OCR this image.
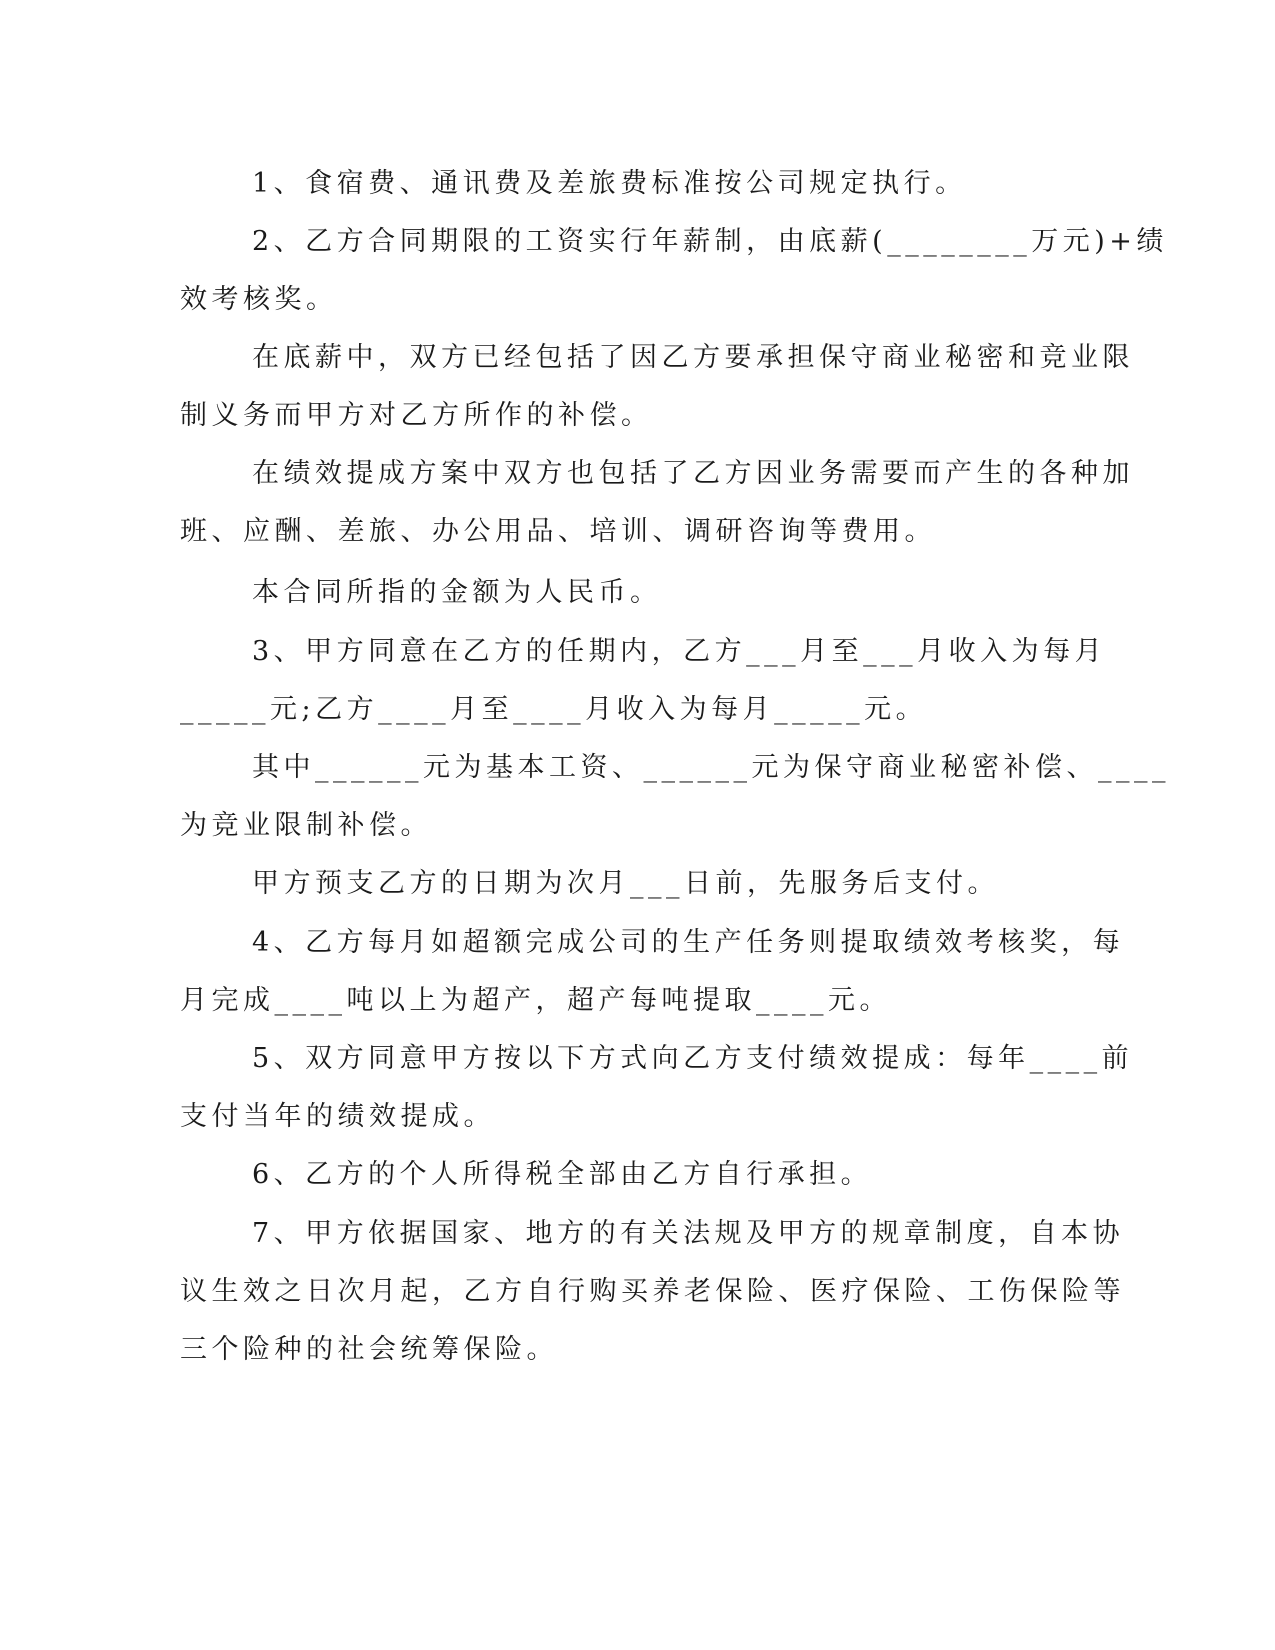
1、食宿费、通讯费及差旅费标准按公司规定执行。
2、乙方合同期限的工资实行年薪制，由底薪(________万元)+绩
效考核奖。
在底薪中，双方已经包括了因乙方要承担保守商业秘密和竞业限
制义务而甲方对乙方所作的补偿。
在绩效提成方案中双方也包括了乙方因业务需要而产生的各种加
班、应酬、差旅、办公用品、培训、调研咨询等费用。
本合同所指的金额为人民币。
3、甲方同意在乙方的任期内，乙方___月至___月收入为每月
_____元;乙方____月至____月收入为每月_____元。
其中______元为基本工资、______元为保守商业秘密补偿、____
为竞业限制补偿。
甲方预支乙方的日期为次月___日前，先服务后支付。
4、乙方每月如超额完成公司的生产任务则提取绩效考核奖，每
月完成____吨以上为超产，超产每吨提取____元。
5、双方同意甲方按以下方式向乙方支付绩效提成：每年____前
支付当年的绩效提成。
6、乙方的个人所得税全部由乙方自行承担。
7、甲方依据国家、地方的有关法规及甲方的规章制度，自本协
议生效之日次月起，乙方自行购买养老保险、医疗保险、工伤保险等
三个险种的社会统筹保险。
